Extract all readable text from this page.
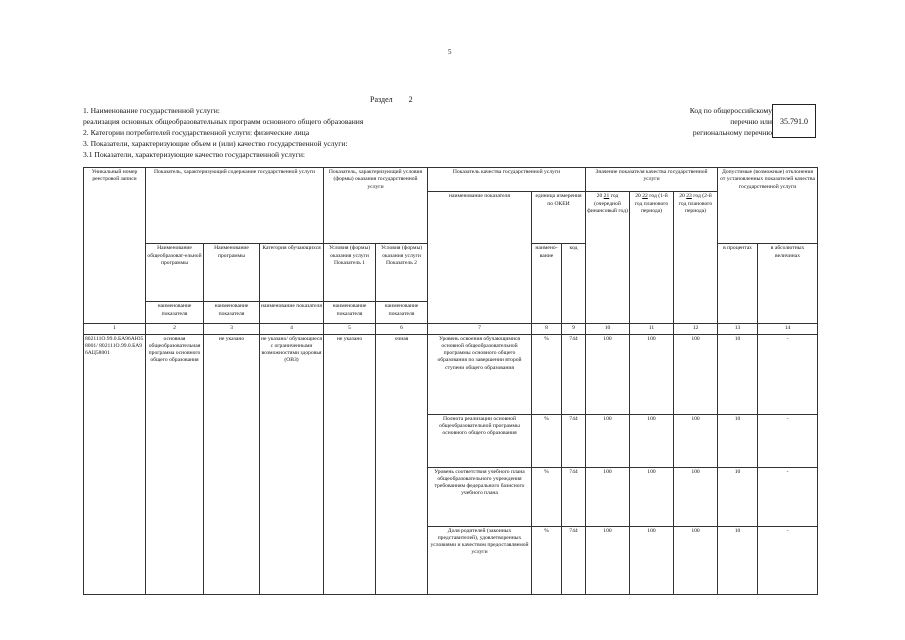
5
Раздел 2
1. Наименование государственной услуги:
реализация основных общеобразовательных программ основного общего образования
2. Категории потребителей государственной услуги: физические лица
3. Показатели, характеризующие объем и (или) качество государственной услуги:
3.1 Показатели, характеризующие качество государственной услуги:
Код по общероссийскому
перечню или
региональному перечню
35.791.0
Уникальный номер реестровой записи	Показатель, характеризующий содержание государственной услуги			Показатель, характеризующий условия (формы) оказания государственной услуги		Показатель качества государственной услуги			Значение показателя качества государственной услуги			Допустимые (возможные) отклонения от установленных показателей качества государственной услуги	
						наименование показателя	единица измерения по ОКЕИ		20 21 год (очередной финансовый год)	20 22 год (1-й год планового периода)	20 23 год (2-й год планового периода)		
	Наименование общеобразоват-ельной программы	Наименование программы	Категория обучающихся	Условия (формы) оказания услуги Показатель 1	Условия (формы) оказания услуги Показатель 2		наимено-вание	код				в процентах	в абсолютных величинах
	наименование показателя	наименование показателя	наименование показателя	наименование показателя	наименование показателя								
1	2	3	4	5	6	7	8	9	10	11	12	13	14
802111О.99.0.БА96АЮ58001/ 802111О.99.0.БА96АЦ58001	основная общеобразовательная программа основного общего образования	не указано	не указано/ обучающиеся с ограниченными возможностями здоровья (ОВЗ)	не указано	очная	Уровень освоения обучающимися основной общеобразовательной программы основного общего образования по завершении второй ступени общего образования	%	744	100	100	100	10	-
						Полнота реализации основной общеобразовательной программы основного общего образования	%	744	100	100	100	10	-
						Уровень соответствия учебного плана общеобразовательного учреждения требованиям федерального базисного учебного плана	%	744	100	100	100	10	-
						Доля родителей (законных представителей), удовлетворенных условиями и качеством предоставляемой услуги	%	744	100	100	100	10	-
